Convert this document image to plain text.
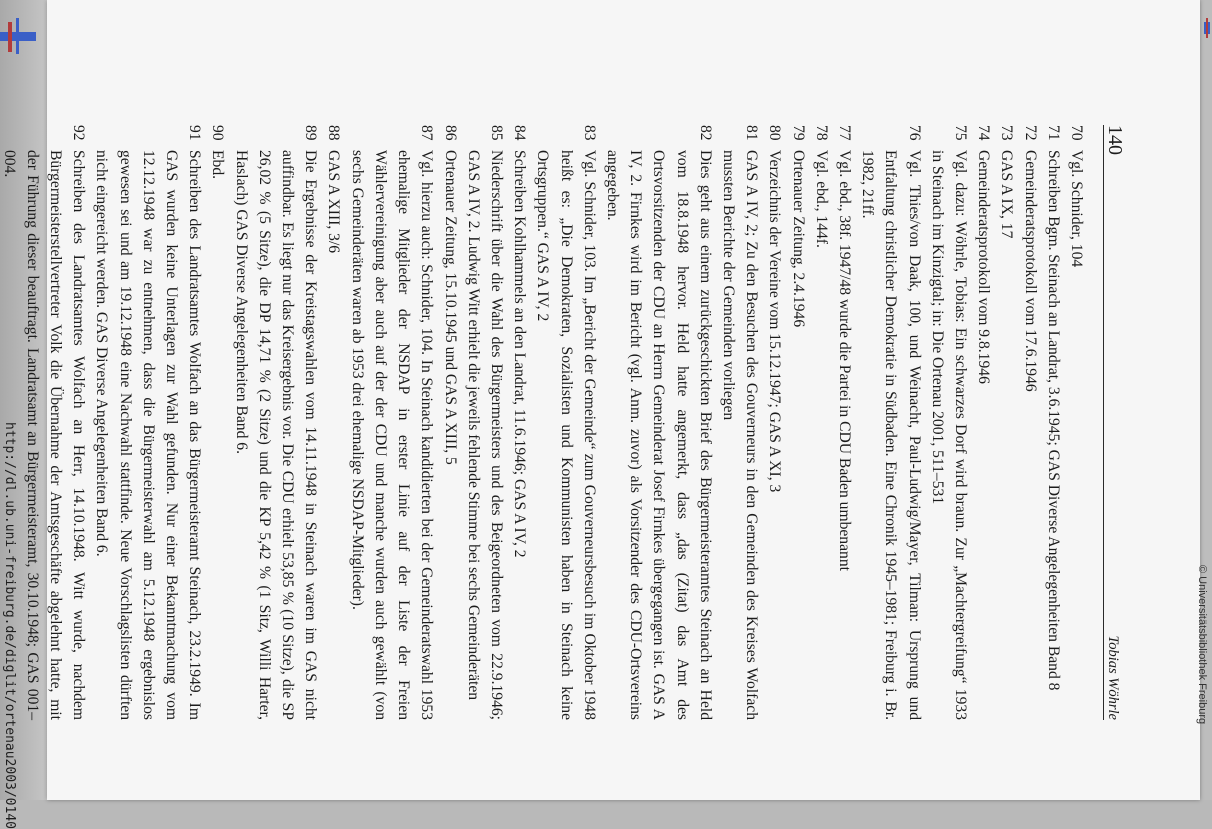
140
Tobias Wöhrle
70
Vgl. Schnider, 104
71
Schreiben Bgm. Steinach an Landrat, 3.6.1945; GAS Diverse Angelegenheiten Band 8
72
Gemeinderatsprotokoll vom 17.6.1946
73
GAS A IX, 17
74
Gemeinderatsprotokoll vom 9.8.1946
75
Vgl. dazu: Wöhrle, Tobias: Ein schwarzes Dorf wird braun. Zur „Machtergreifung“ 1933 in Steinach im Kinzigtal; in: Die Ortenau 2001, 511–531
76
Vgl. Thies/von Daak, 100, und Weinacht, Paul-Ludwig/Mayer, Tilman: Ursprung und Entfaltung christlicher Demokratie in Südbaden. Eine Chronik 1945–1981; Freiburg i. Br. 1982, 21ff.
77
Vgl. ebd., 38f. 1947/48 wurde die Partei in CDU Baden umbenannt
78
Vgl. ebd., 144f.
79
Ortenauer Zeitung, 2.4.1946
80
Verzeichnis der Vereine vom 15.12.1947; GAS A XI, 3
81
GAS A IV, 2; Zu den Besuchen des Gouverneurs in den Gemeinden des Kreises Wolfach mussten Berichte der Gemeinden vorliegen
82
Dies geht aus einem zurückgeschickten Brief des Bürgermeisteramtes Steinach an Held vom 18.8.1948 hervor. Held hatte angemerkt, dass „das (Zitat) das Amt des Ortsvorsitzenden der CDU an Herrn Gemeinderat Josef Firnkes übergegangen ist. GAS A IV, 2. Firnkes wird im Bericht (vgl. Anm. zuvor) als Vorsitzender des CDU-Ortsvereins angegeben.
83
Vgl. Schnider, 103. Im „Bericht der Gemeinde“ zum Gouverneursbesuch im Oktober 1948 heißt es: „Die Demokraten, Sozialisten und Kommunisten haben in Steinach keine Ortsgruppen.“ GAS A IV, 2
84
Schreiben Kohlhammels an den Landrat, 11.6.1946; GAS A IV, 2
85
Niederschrift über die Wahl des Bürgermeisters und des Beigeordneten vom 22.9.1946; GAS A IV, 2. Ludwig Witt erhielt die jeweils fehlende Stimme bei sechs Gemeinderäten
86
Ortenauer Zeitung, 15.10.1945 und GAS A XIII, 5
87
Vgl. hierzu auch: Schnider, 104. In Steinach kandidierten bei der Gemeinderatswahl 1953 ehemalige Mitglieder der NSDAP in erster Linie auf der Liste der Freien Wählervereinigung aber auch auf der der CDU und manche wurden auch gewählt (von sechs Gemeinderäten waren ab 1953 drei ehemalige NSDAP-Mitglieder).
88
GAS A XIII, 3/6
89
Die Ergebnisse der Kreistagswahlen vom 14.11.1948 in Steinach waren im GAS nicht auffindbar. Es liegt nur das Kreisergebnis vor. Die CDU erhielt 53,85 % (10 Sitze), die SP 26,02 % (5 Sitze), die DP 14,71 % (2 Sitze) und die KP 5,42 % (1 Sitz, Willi Harter, Haslach) GAS Diverse Angelegenheiten Band 6.
90
Ebd.
91
Schreiben des Landratsamtes Wolfach an das Bürgermeisteramt Steinach, 23.2.1949. Im GAS wurden keine Unterlagen zur Wahl gefunden. Nur einer Bekanntmachung vom 12.12.1948 war zu entnehmen, dass die Bürgermeisterwahl am 5.12.1948 ergebnislos gewesen sei und am 19.12.1948 eine Nachwahl stattfinde. Neue Vorschlagslisten dürften nicht eingereicht werden. GAS Diverse Angelegenheiten Band 6.
92
Schreiben des Landratsamtes Wolfach an Herr, 14.10.1948. Witt wurde, nachdem Bürgermeisterstellvertreter Volk die Übernahme der Amtsgeschäfte abgelehnt hatte, mit der Führung dieser beauftragt. Landratsamt an Bürgermeisteramt, 30.10.1948; GAS 001–004.
http://dl.ub.uni-freiburg.de/diglit/ortenau2003/0140	© Universitätsbibliothek Freiburg
